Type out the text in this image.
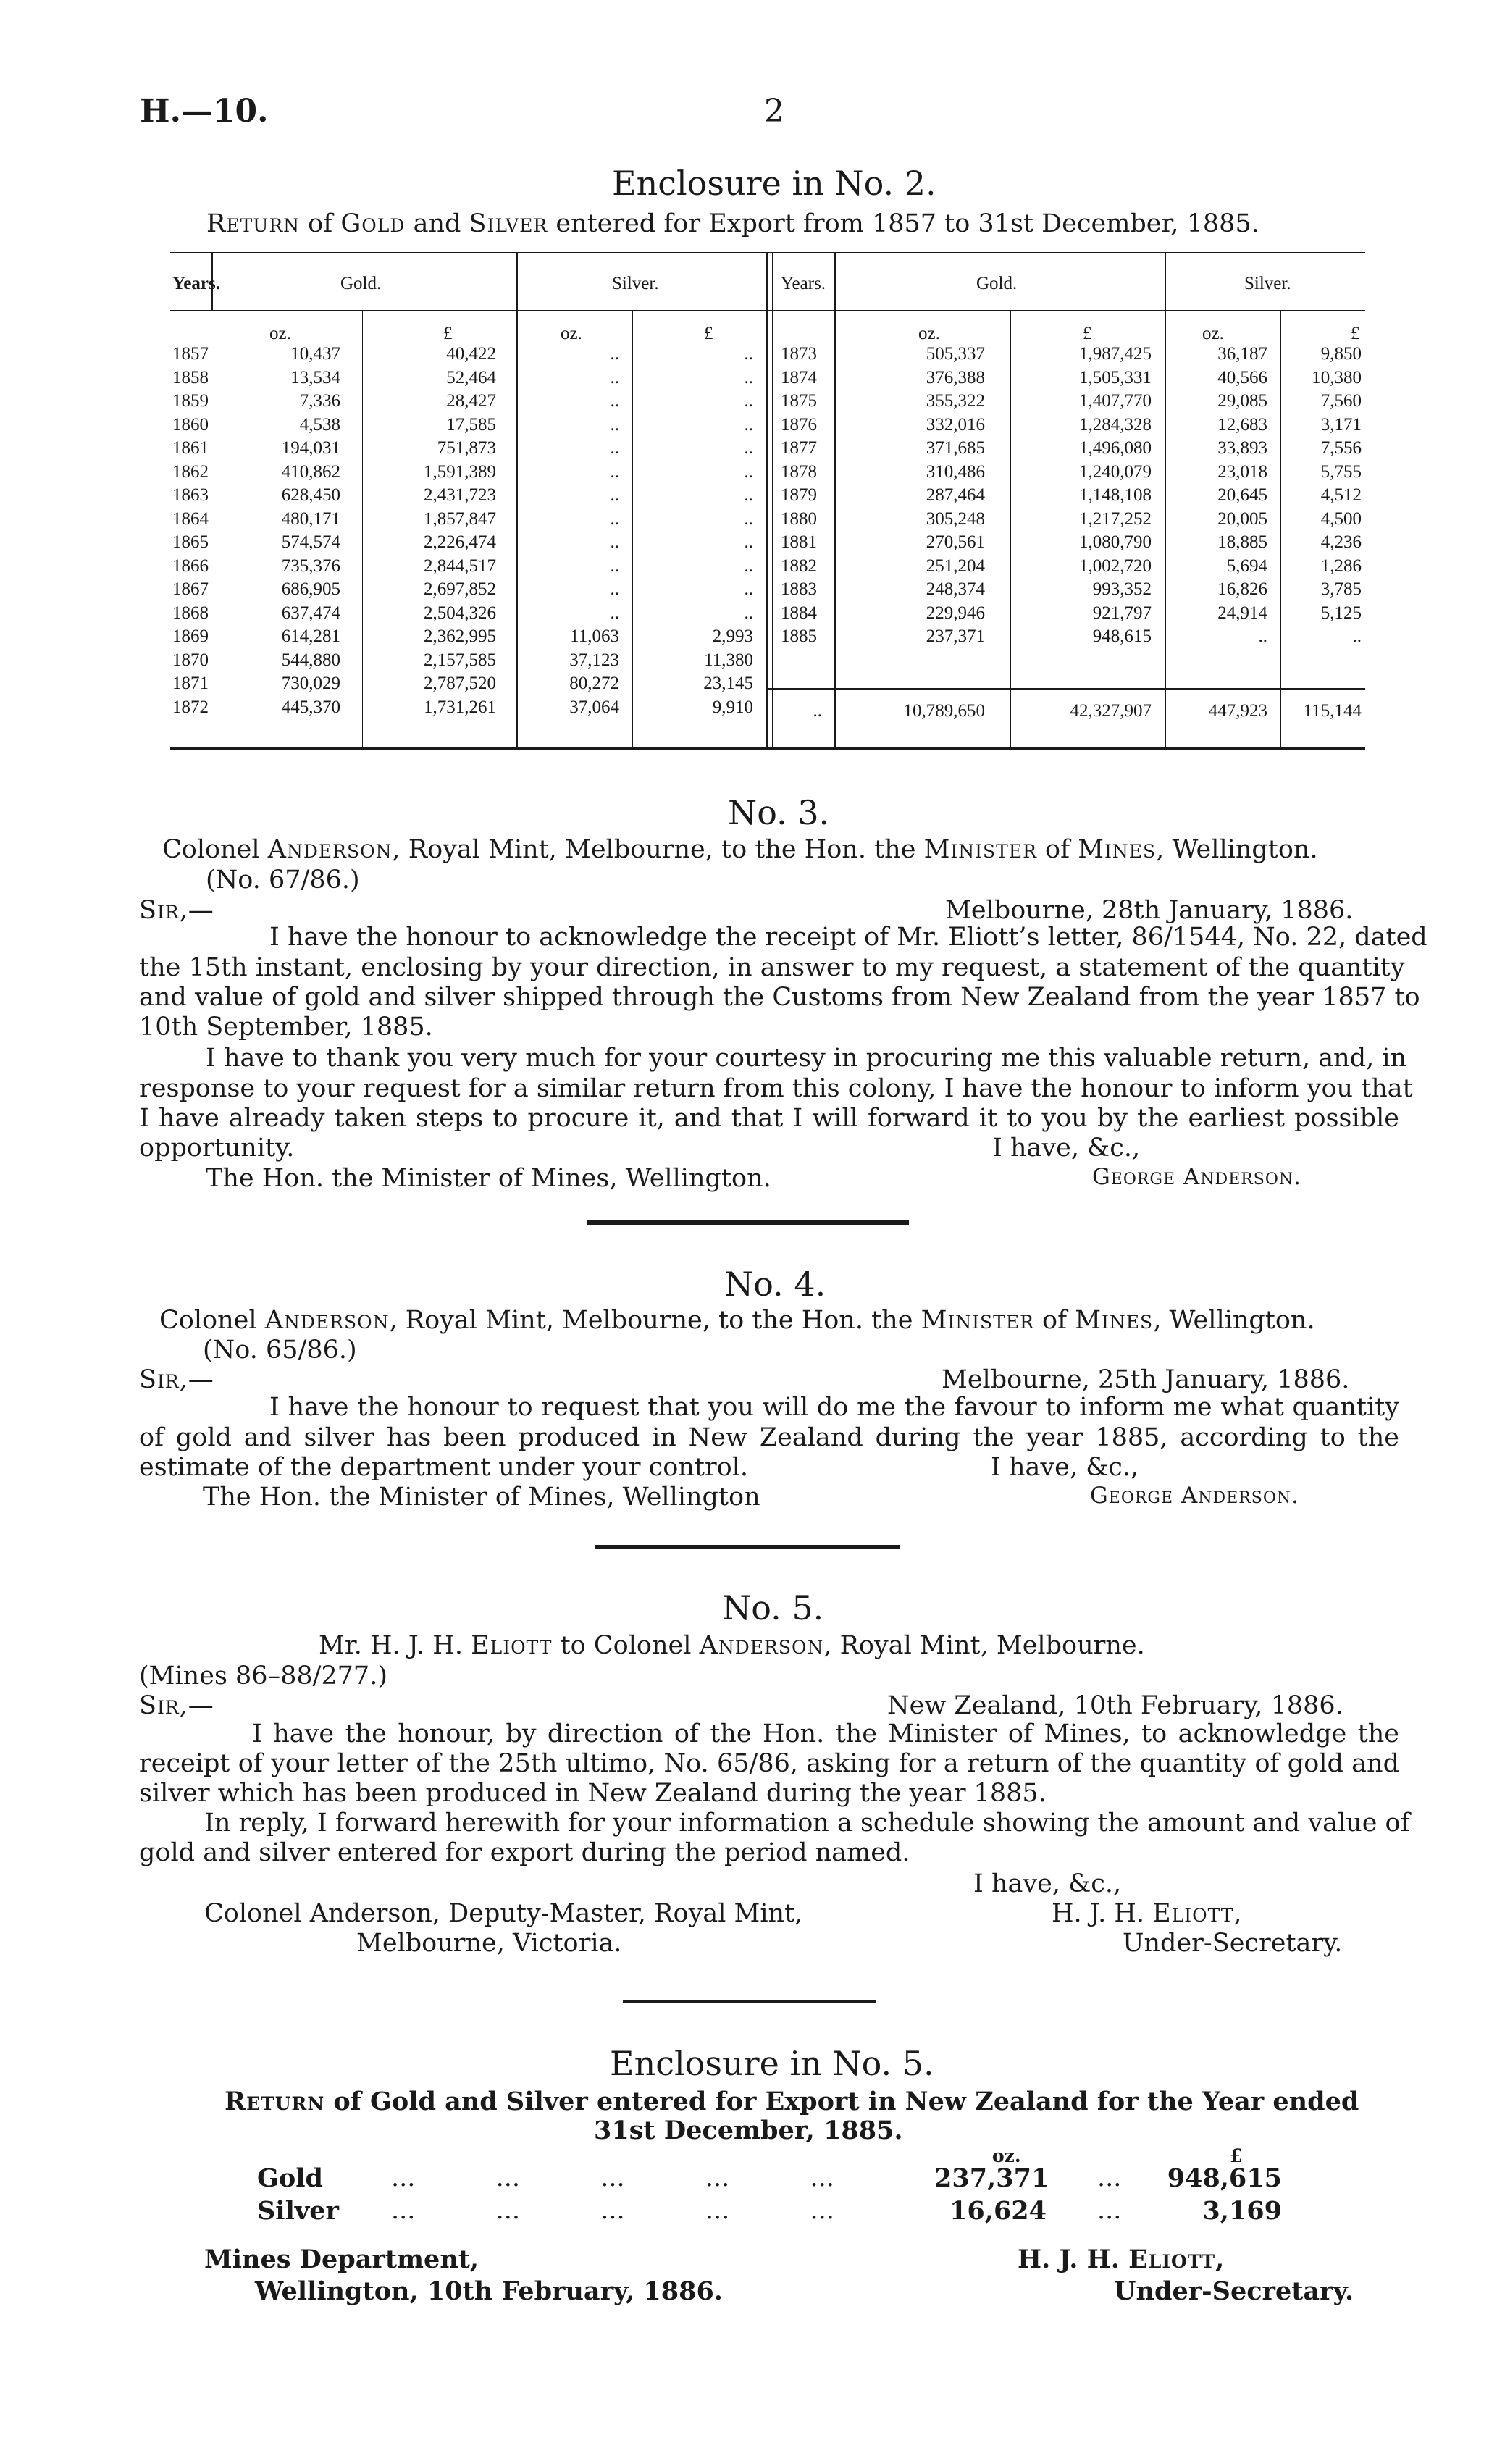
H.—10.	2
Enclosure in No. 2.
Return of Gold and Silver entered for Export from 1857 to 31st December, 1885.
Years.	Gold.	Silver.	Years.	Gold.	Silver.
oz.	£	oz.	£	oz.	£	oz.	£
1857	10,437	40,422	..	..
1858	13,534	52,464	..	..
1859	7,336	28,427	..	..
1860	4,538	17,585	..	..
1861	194,031	751,873	..	..
1862	410,862	1,591,389	..	..
1863	628,450	2,431,723	..	..
1864	480,171	1,857,847	..	..
1865	574,574	2,226,474	..	..
1866	735,376	2,844,517	..	..
1867	686,905	2,697,852	..	..
1868	637,474	2,504,326	..	..
1869	614,281	2,362,995	11,063	2,993
1870	544,880	2,157,585	37,123	11,380
1871	730,029	2,787,520	80,272	23,145
1872	445,370	1,731,261	37,064	9,910
1873	505,337	1,987,425	36,187	9,850
1874	376,388	1,505,331	40,566	10,380
1875	355,322	1,407,770	29,085	7,560
1876	332,016	1,284,328	12,683	3,171
1877	371,685	1,496,080	33,893	7,556
1878	310,486	1,240,079	23,018	5,755
1879	287,464	1,148,108	20,645	4,512
1880	305,248	1,217,252	20,005	4,500
1881	270,561	1,080,790	18,885	4,236
1882	251,204	1,002,720	5,694	1,286
1883	248,374	993,352	16,826	3,785
1884	229,946	921,797	24,914	5,125
1885	237,371	948,615	..	..
..	10,789,650	42,327,907	447,923	115,144
No. 3.
Colonel Anderson, Royal Mint, Melbourne, to the Hon. the Minister of Mines, Wellington.
(No. 67/86.)
Sir,—	Melbourne, 28th January, 1886.
I have the honour to acknowledge the receipt of Mr. Eliott’s letter, 86/1544, No. 22, dated
the 15th instant, enclosing by your direction, in answer to my request, a statement of the quantity
and value of gold and silver shipped through the Customs from New Zealand from the year 1857 to
10th September, 1885.
I have to thank you very much for your courtesy in procuring me this valuable return, and, in
response to your request for a similar return from this colony, I have the honour to inform you that
I have already taken steps to procure it, and that I will forward it to you by the earliest possible
opportunity.	I have, &c.,
The Hon. the Minister of Mines, Wellington.	George Anderson.
No. 4.
Colonel Anderson, Royal Mint, Melbourne, to the Hon. the Minister of Mines, Wellington.
(No. 65/86.)
Sir,—	Melbourne, 25th January, 1886.
I have the honour to request that you will do me the favour to inform me what quantity
of gold and silver has been produced in New Zealand during the year 1885, according to the
estimate of the department under your control.	I have, &c.,
The Hon. the Minister of Mines, Wellington	George Anderson.
No. 5.
Mr. H. J. H. Eliott to Colonel Anderson, Royal Mint, Melbourne.
(Mines 86–88/277.)
Sir,—	New Zealand, 10th February, 1886.
I have the honour, by direction of the Hon. the Minister of Mines, to acknowledge the
receipt of your letter of the 25th ultimo, No. 65/86, asking for a return of the quantity of gold and
silver which has been produced in New Zealand during the year 1885.
In reply, I forward herewith for your information a schedule showing the amount and value of
gold and silver entered for export during the period named.
I have, &c.,
Colonel Anderson, Deputy-Master, Royal Mint,	H. J. H. Eliott,
Melbourne, Victoria.	Under-Secretary.
Enclosure in No. 5.
Return of Gold and Silver entered for Export in New Zealand for the Year ended
31st December, 1885.
oz.	£
Gold	...          ...          ...          ...          ...	237,371 ...	948,615
Silver	...          ...          ...          ...          ...	16,624 ...	3,169
Mines Department,	H. J. H. Eliott,
Wellington, 10th February, 1886.	Under-Secretary.
